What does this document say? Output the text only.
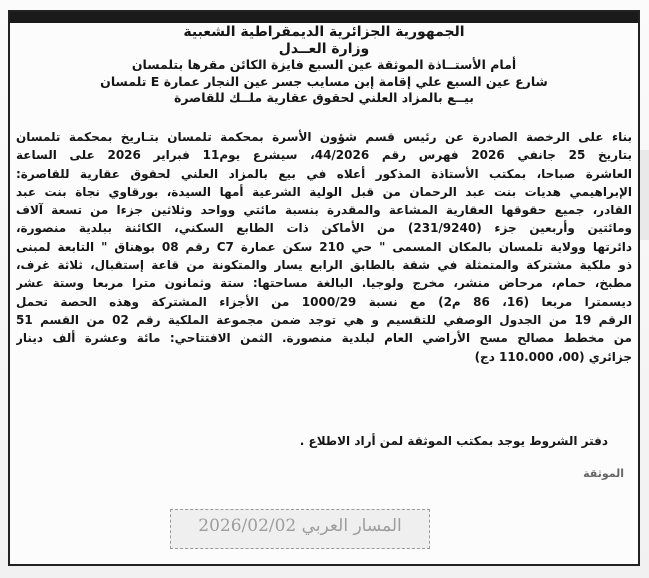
الجمهورية الجزائرية الديمقراطية الشعبية
وزارة العــدل
أمام الأستــاذة الموثقة عين السبع فايزة الكائن مقرها بتلمسان
شارع عين السبع علي إقامة إبن مسايب جسر عين النجار عمارة E تلمسان
بيــع بالمزاد العلني لحقوق عقارية ملــك للقاصرة
بناء على الرخصة الصادرة عن رئيس قسم شؤون الأسرة بمحكمة تلمسان بتـاريخ بمحكمة تلمسان
بتاريخ 25 جانفي 2026 فهرس رقم 44/2026، سيشرع يوم11 فبراير 2026 على الساعة
العاشرة صباحا، بمكتب الأستاذة المذكور أعلاه في بيع بالمزاد العلني لحقوق عقارية للقاصرة:
الإبراهيمي هديات بنت عبد الرحمان من قبل الولية الشرعية أمها السيدة، بورقاوي نجاة بنت عبد
القادر، جميع حقوقها العقارية المشاعة والمقدرة بنسبة مائتي وواحد وثلاثين جزءا من تسعة آلاف
ومائتين وأربعين جزء (231/9240) من الأماكن ذات الطابع السكني، الكائنة ببلدية منصورة،
دائرتها وولاية تلمسان بالمكان المسمى " حي 210 سكن عمارة C7 رقم 08 بوهناق " التابعة لمبنى
ذو ملكية مشتركة والمتمثلة في شقة بالطابق الرابع يسار والمتكونة من قاعة إستقبال، ثلاثة غرف،
مطبخ، حمام، مرحاض منشر، مخرج ولوجيا. البالغة مساحتها: ستة وثمانون مترا مربعا وستة عشر
ديسمترا مربعا (16، 86 م2) مع نسبة 1000/29 من الأجزاء المشتركة وهذه الحصة تحمل
الرقم 19 من الجدول الوصفي للتقسيم و هي توجد ضمن مجموعة الملكية رقم 02 من القسم 51
من مخطط مصالح مسح الأراضي العام لبلدية منصورة. الثمن الافتتاحي: مائة وعشرة ألف دينار
جزائري (00، 110.000 دج)
دفتر الشروط يوجد بمكتب الموثقة لمن أراد الاطلاع .
الموثقة
المسار العربي 2026/02/02
